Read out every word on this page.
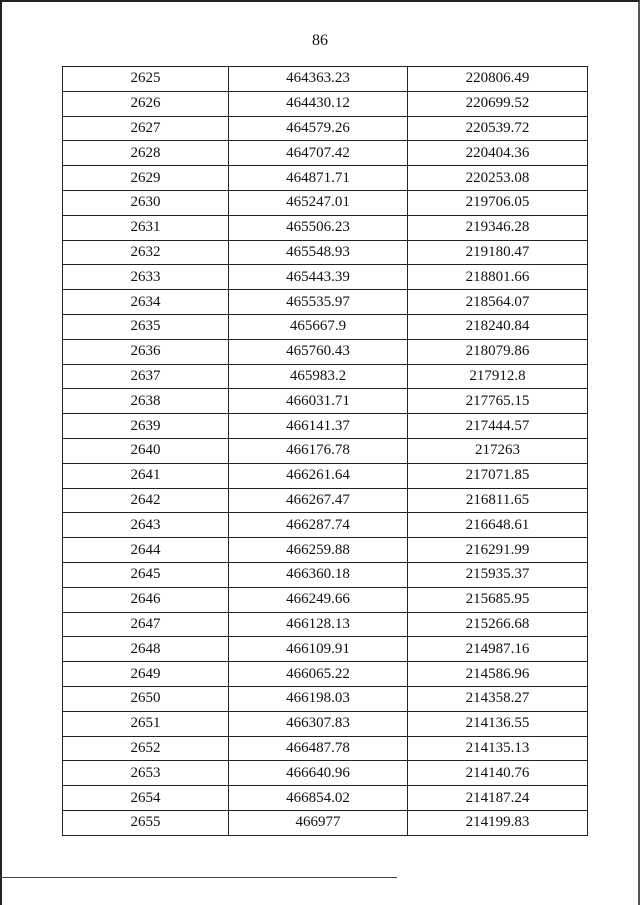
86
2625	464363.23	220806.49
2626	464430.12	220699.52
2627	464579.26	220539.72
2628	464707.42	220404.36
2629	464871.71	220253.08
2630	465247.01	219706.05
2631	465506.23	219346.28
2632	465548.93	219180.47
2633	465443.39	218801.66
2634	465535.97	218564.07
2635	465667.9	218240.84
2636	465760.43	218079.86
2637	465983.2	217912.8
2638	466031.71	217765.15
2639	466141.37	217444.57
2640	466176.78	217263
2641	466261.64	217071.85
2642	466267.47	216811.65
2643	466287.74	216648.61
2644	466259.88	216291.99
2645	466360.18	215935.37
2646	466249.66	215685.95
2647	466128.13	215266.68
2648	466109.91	214987.16
2649	466065.22	214586.96
2650	466198.03	214358.27
2651	466307.83	214136.55
2652	466487.78	214135.13
2653	466640.96	214140.76
2654	466854.02	214187.24
2655	466977	214199.83
